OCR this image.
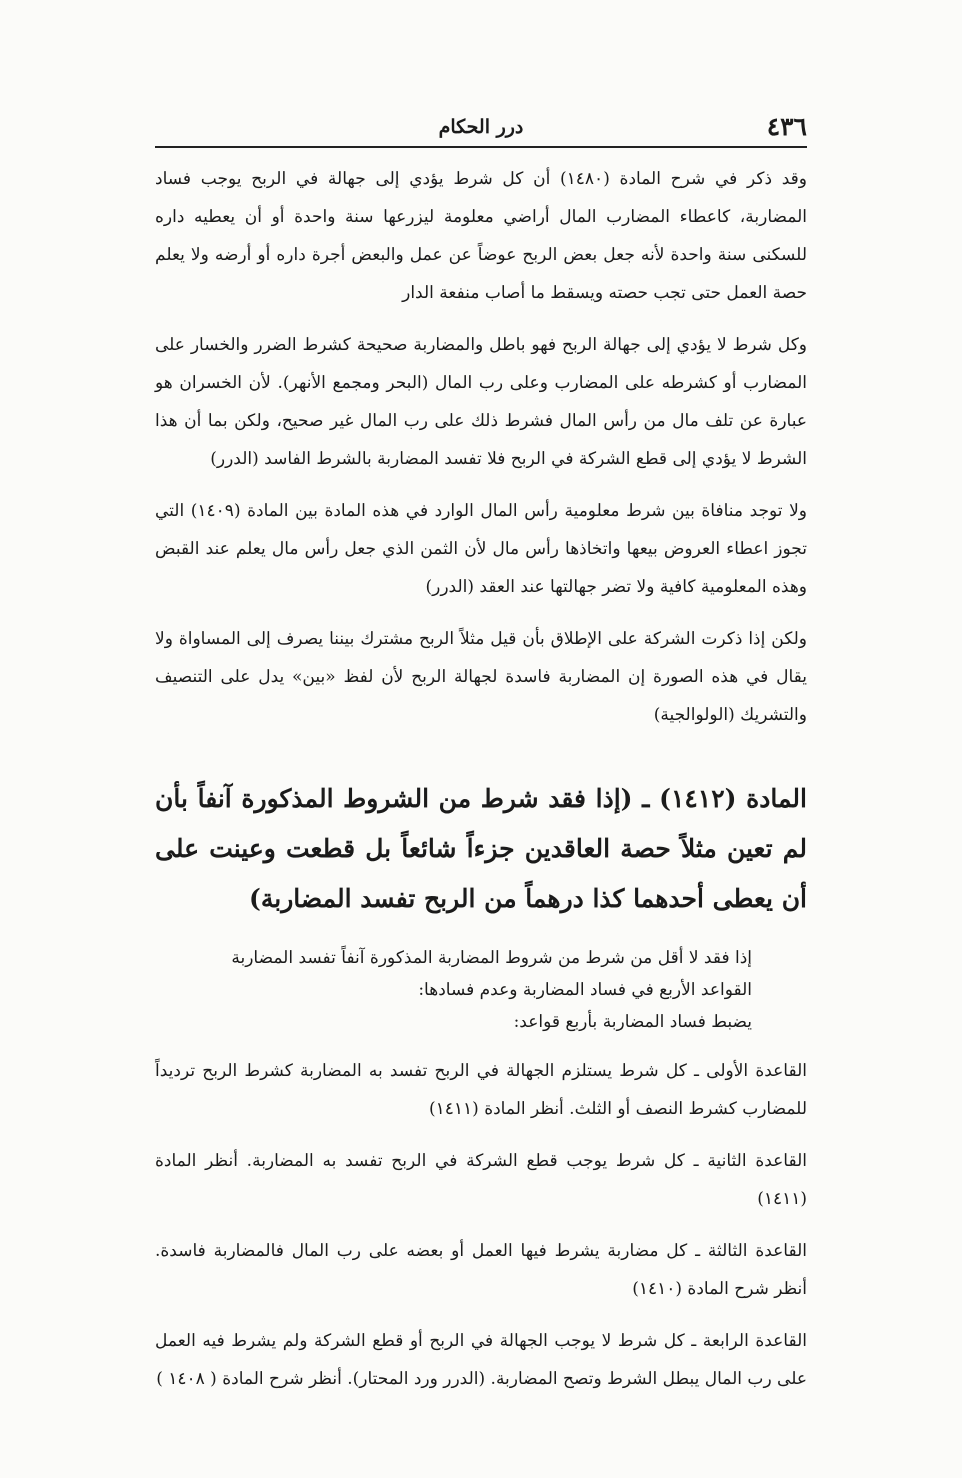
٤٣٦
درر الحكام

وقد ذكر في شرح المادة (١٤٨٠) أن كل شرط يؤدي إلى جهالة في الربح يوجب فساد المضاربة، كاعطاء المضارب المال أراضي معلومة ليزرعها سنة واحدة أو أن يعطيه داره للسكنى سنة واحدة لأنه جعل بعض الربح عوضاً عن عمل والبعض أجرة داره أو أرضه ولا يعلم حصة العمل حتى تجب حصته ويسقط ما أصاب منفعة الدار

وكل شرط لا يؤدي إلى جهالة الربح فهو باطل والمضاربة صحيحة كشرط الضرر والخسار على المضارب أو كشرطه على المضارب وعلى رب المال (البحر ومجمع الأنهر). لأن الخسران هو عبارة عن تلف مال من رأس المال فشرط ذلك على رب المال غير صحيح، ولكن بما أن هذا الشرط لا يؤدي إلى قطع الشركة في الربح فلا تفسد المضاربة بالشرط الفاسد (الدرر)

ولا توجد منافاة بين شرط معلومية رأس المال الوارد في هذه المادة بين المادة (١٤٠٩) التي تجوز اعطاء العروض بيعها واتخاذها رأس مال لأن الثمن الذي جعل رأس مال يعلم عند القبض وهذه المعلومية كافية ولا تضر جهالتها عند العقد (الدرر)

ولكن إذا ذكرت الشركة على الإطلاق بأن قيل مثلاً الربح مشترك بيننا يصرف إلى المساواة ولا يقال في هذه الصورة إن المضاربة فاسدة لجهالة الربح لأن لفظ «بين» يدل على التنصيف والتشريك (الولوالجية)

المادة (١٤١٢) ـ (إذا فقد شرط من الشروط المذكورة آنفاً بأن لم تعين مثلاً حصة العاقدين جزءاً شائعاً بل قطعت وعينت على أن يعطى أحدهما كذا درهماً من الربح تفسد المضاربة)

إذا فقد لا أقل من شرط من شروط المضاربة المذكورة آنفاً تفسد المضاربة
القواعد الأربع في فساد المضاربة وعدم فسادها:
يضبط فساد المضاربة بأربع قواعد:

القاعدة الأولى ـ كل شرط يستلزم الجهالة في الربح تفسد به المضاربة كشرط الربح ترديداً للمضارب كشرط النصف أو الثلث. أنظر المادة (١٤١١)

القاعدة الثانية ـ كل شرط يوجب قطع الشركة في الربح تفسد به المضاربة. أنظر المادة (١٤١١)

القاعدة الثالثة ـ كل مضاربة يشرط فيها العمل أو بعضه على رب المال فالمضاربة فاسدة. أنظر شرح المادة (١٤١٠)

القاعدة الرابعة ـ كل شرط لا يوجب الجهالة في الربح أو قطع الشركة ولم يشرط فيه العمل على رب المال يبطل الشرط وتصح المضاربة. (الدرر ورد المحتار). أنظر شرح المادة ( ١٤٠٨ )
